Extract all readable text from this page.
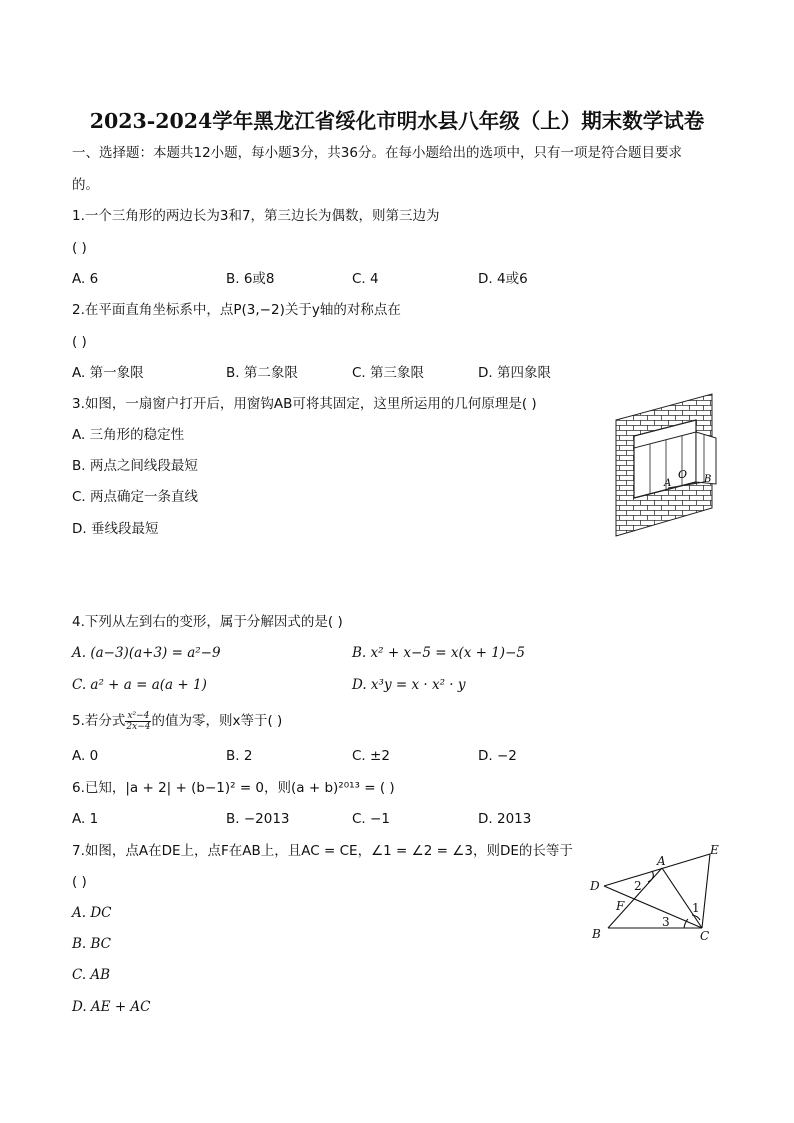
2023-2024学年黑龙江省绥化市明水县八年级（上）期末数学试卷
一、选择题：本题共12小题，每小题3分，共36分。在每小题给出的选项中，只有一项是符合题目要求
的。
1.一个三角形的两边长为3和7，第三边长为偶数，则第三边为
( )
A. 6	B. 6或8	C. 4	D. 4或6
2.在平面直角坐标系中，点P(3,−2)关于y轴的对称点在
( )
A. 第一象限	B. 第二象限	C. 第三象限	D. 第四象限
3.如图，一扇窗户打开后，用窗钩AB可将其固定，这里所运用的几何原理是( )
A. 三角形的稳定性
B. 两点之间线段最短
C. 两点确定一条直线
D. 垂线段最短
A
O B
4.下列从左到右的变形，属于分解因式的是( )
A. (a−3)(a+3) = a²−9	B. x² + x−5 = x(x + 1)−5
C. a² + a = a(a + 1)	D. x³y = x · x² · y
5.若分式 $\frac{\text{x²−4}}{2x-4}$ 的值为零，则x等于( )
A. 0	B. 2	C. ±2	D. −2
6.已知，|a + 2| + (b−1)² = 0，则(a + b)²⁰¹³ = ( )
A. 1	B. −2013	C. −1	D. 2013
7.如图，点A在DE上，点F在AB上，且AC = CE，∠1 = ∠2 = ∠3，则DE的长等于
( )
A. DC
B. BC
C. AB
D. AE + AC
A
E
D
F
B	C
1
2
3
